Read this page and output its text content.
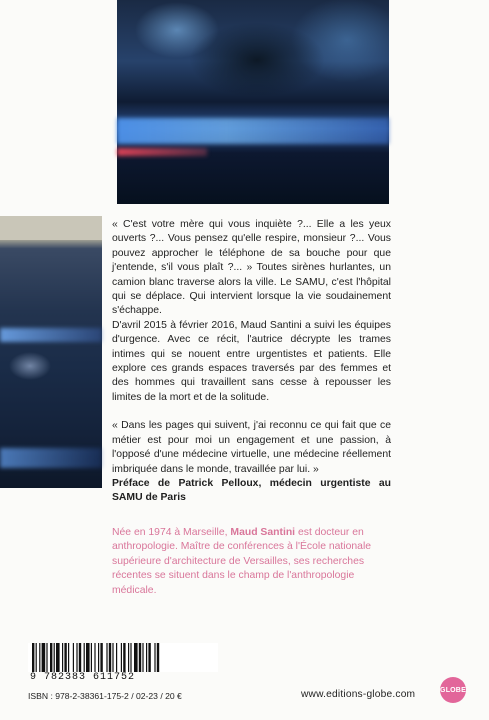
« C'est votre mère qui vous inquiète ?... Elle a les yeux ouverts ?... Vous pensez qu'elle respire, monsieur ?... Vous pouvez approcher le téléphone de sa bouche pour que j'entende, s'il vous plaît ?... » Toutes sirènes hurlantes, un camion blanc traverse alors la ville. Le SAMU, c'est l'hôpital qui se déplace. Qui intervient lorsque la vie soudainement s'échappe.

D'avril 2015 à février 2016, Maud Santini a suivi les équipes d'urgence. Avec ce récit, l'autrice décrypte les trames intimes qui se nouent entre urgentistes et patients. Elle explore ces grands espaces traversés par des femmes et des hommes qui travaillent sans cesse à repousser les limites de la mort et de la solitude.

« Dans les pages qui suivent, j'ai reconnu ce qui fait que ce métier est pour moi un engagement et une passion, à l'opposé d'une médecine virtuelle, une médecine réellement imbriquée dans le monde, travaillée par lui. »

Préface de Patrick Pelloux, médecin urgentiste au SAMU de Paris

Née en 1974 à Marseille, Maud Santini est docteur en anthropologie. Maître de conférences à l'École nationale supérieure d'architecture de Versailles, ses recherches récentes se situent dans le champ de l'anthropologie médicale.

9 782383 611752
ISBN : 978-2-38361-175-2 / 02-23 / 20 €	www.editions-globe.com	GLOBE
